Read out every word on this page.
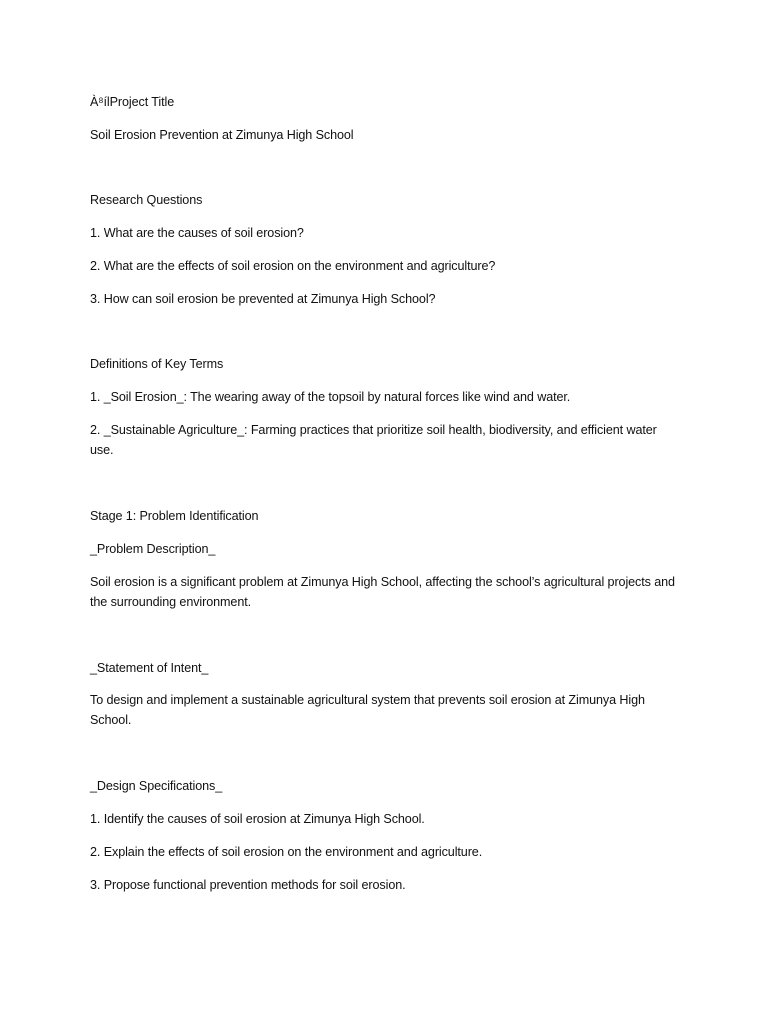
À⁸ílProject Title

Soil Erosion Prevention at Zimunya High School

Research Questions

1. What are the causes of soil erosion?

2. What are the effects of soil erosion on the environment and agriculture?

3. How can soil erosion be prevented at Zimunya High School?

Definitions of Key Terms

1. _Soil Erosion_: The wearing away of the topsoil by natural forces like wind and water.

2. _Sustainable Agriculture_: Farming practices that prioritize soil health, biodiversity, and efficient water use.

Stage 1: Problem Identification

_Problem Description_

Soil erosion is a significant problem at Zimunya High School, affecting the school’s agricultural projects and the surrounding environment.

_Statement of Intent_

To design and implement a sustainable agricultural system that prevents soil erosion at Zimunya High School.

_Design Specifications_

1. Identify the causes of soil erosion at Zimunya High School.

2. Explain the effects of soil erosion on the environment and agriculture.

3. Propose functional prevention methods for soil erosion.
